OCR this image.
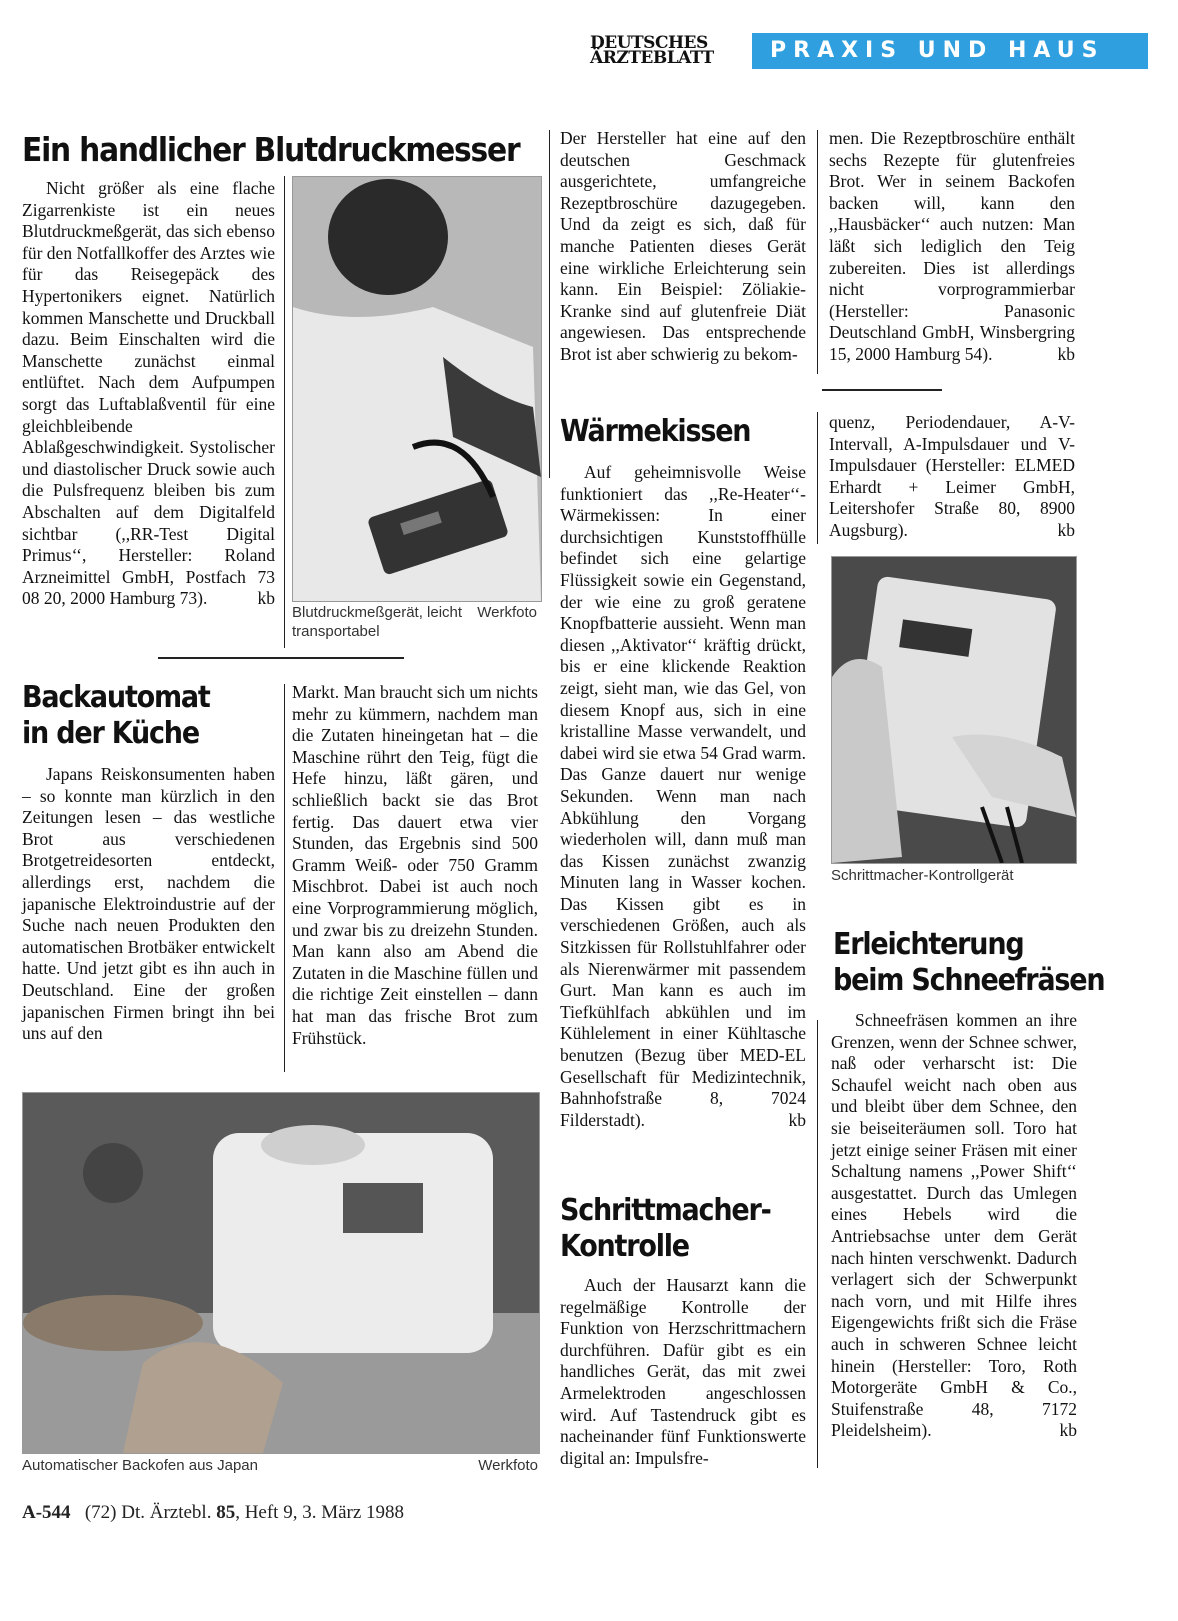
DEUTSCHES
ÄRZTEBLATT	PRAXIS UND HAUS
Ein handlicher Blutdruckmesser

Nicht größer als eine flache Zigarrenkiste ist ein neues Blutdruckmeßgerät, das sich ebenso für den Notfallkoffer des Arztes wie für das Reisegepäck des Hypertonikers eignet. Natürlich kommen Manschette und Druckball dazu. Beim Einschalten wird die Manschette zunächst einmal entlüftet. Nach dem Aufpumpen sorgt das Luftablaßventil für eine gleichbleibende Ablaßgeschwindigkeit. Systolischer und diastolischer Druck sowie auch die Pulsfrequenz bleiben bis zum Abschalten auf dem Digitalfeld sichtbar (,,RR-Test Digital Primus‘‘, Hersteller: Roland Arzneimittel GmbH, Postfach 73 08 20, 2000 Hamburg 73).	kb

Blutdruckmeßgerät, leicht transportabel
Werkfoto
Backautomat
in der Küche

Japans Reiskonsumenten haben – so konnte man kürzlich in den Zeitungen lesen – das westliche Brot aus verschiedenen Brotgetreidesorten entdeckt, allerdings erst, nachdem die japanische Elektroindustrie auf der Suche nach neuen Produkten den automatischen Brotbäker entwickelt hatte. Und jetzt gibt es ihn auch in Deutschland. Eine der großen japanischen Firmen bringt ihn bei uns auf den

Markt. Man braucht sich um nichts mehr zu kümmern, nachdem man die Zutaten hineingetan hat – die Maschine rührt den Teig, fügt die Hefe hinzu, läßt gären, und schließlich backt sie das Brot fertig. Das dauert etwa vier Stunden, das Ergebnis sind 500 Gramm Weiß- oder 750 Gramm Mischbrot. Dabei ist auch noch eine Vorprogrammierung möglich, und zwar bis zu dreizehn Stunden. Man kann also am Abend die Zutaten in die Maschine füllen und die richtige Zeit einstellen – dann hat man das frische Brot zum Frühstück.

Automatischer Backofen aus Japan	Werkfoto

Der Hersteller hat eine auf den deutschen Geschmack ausgerichtete, umfangreiche Rezeptbroschüre dazugegeben. Und da zeigt es sich, daß für manche Patienten dieses Gerät eine wirkliche Erleichterung sein kann. Ein Beispiel: Zöliakie-Kranke sind auf glutenfreie Diät angewiesen. Das entsprechende Brot ist aber schwierig zu bekom-

men. Die Rezeptbroschüre enthält sechs Rezepte für glutenfreies Brot. Wer in seinem Backofen backen will, kann den ,,Hausbäcker‘‘ auch nutzen: Man läßt sich lediglich den Teig zubereiten. Dies ist allerdings nicht vorprogrammierbar (Hersteller: Panasonic Deutschland GmbH, Winsbergring 15, 2000 Hamburg 54).	kb

Wärmekissen

Auf geheimnisvolle Weise funktioniert das ,,Re-Heater‘‘- Wärmekissen: In einer durchsichtigen Kunststoffhülle befindet sich eine gelartige Flüssigkeit sowie ein Gegenstand, der wie eine zu groß geratene Knopfbatterie aussieht. Wenn man diesen ,,Aktivator‘‘ kräftig drückt, bis er eine klickende Reaktion zeigt, sieht man, wie das Gel, von diesem Knopf aus, sich in eine kristalline Masse verwandelt, und dabei wird sie etwa 54 Grad warm. Das Ganze dauert nur wenige Sekunden. Wenn man nach Abkühlung den Vorgang wiederholen will, dann muß man das Kissen zunächst zwanzig Minuten lang in Wasser kochen. Das Kissen gibt es in verschiedenen Größen, auch als Sitzkissen für Rollstuhlfahrer oder als Nierenwärmer mit passendem Gurt. Man kann es auch im Tiefkühlfach abkühlen und im Kühlelement in einer Kühltasche benutzen (Bezug über MED-EL Gesellschaft für Medizintechnik, Bahnhofstraße 8, 7024 Filderstadt).	kb

Schrittmacher-
Kontrolle

Auch der Hausarzt kann die regelmäßige Kontrolle der Funktion von Herzschrittmachern durchführen. Dafür gibt es ein handliches Gerät, das mit zwei Armelektroden angeschlossen wird. Auf Tastendruck gibt es nacheinander fünf Funktionswerte digital an: Impulsfre-

quenz, Periodendauer, A-V-Intervall, A-Impulsdauer und V-Impulsdauer (Hersteller: ELMED Erhardt + Leimer GmbH, Leitershofer Straße 80, 8900 Augsburg).	kb

Schrittmacher-Kontrollgerät
Erleichterung
beim Schneefräsen

Schneefräsen kommen an ihre Grenzen, wenn der Schnee schwer, naß oder verharscht ist: Die Schaufel weicht nach oben aus und bleibt über dem Schnee, den sie beiseiteräumen soll. Toro hat jetzt einige seiner Fräsen mit einer Schaltung namens ,,Power Shift‘‘ ausgestattet. Durch das Umlegen eines Hebels wird die Antriebsachse unter dem Gerät nach hinten verschwenkt. Dadurch verlagert sich der Schwerpunkt nach vorn, und mit Hilfe ihres Eigengewichts frißt sich die Fräse auch in schweren Schnee leicht hinein (Hersteller: Toro, Roth Motorgeräte GmbH & Co., Stuifenstraße 48, 7172 Pleidelsheim).	kb

A-544 (72) Dt. Ärztebl. 85, Heft 9, 3. März 1988
